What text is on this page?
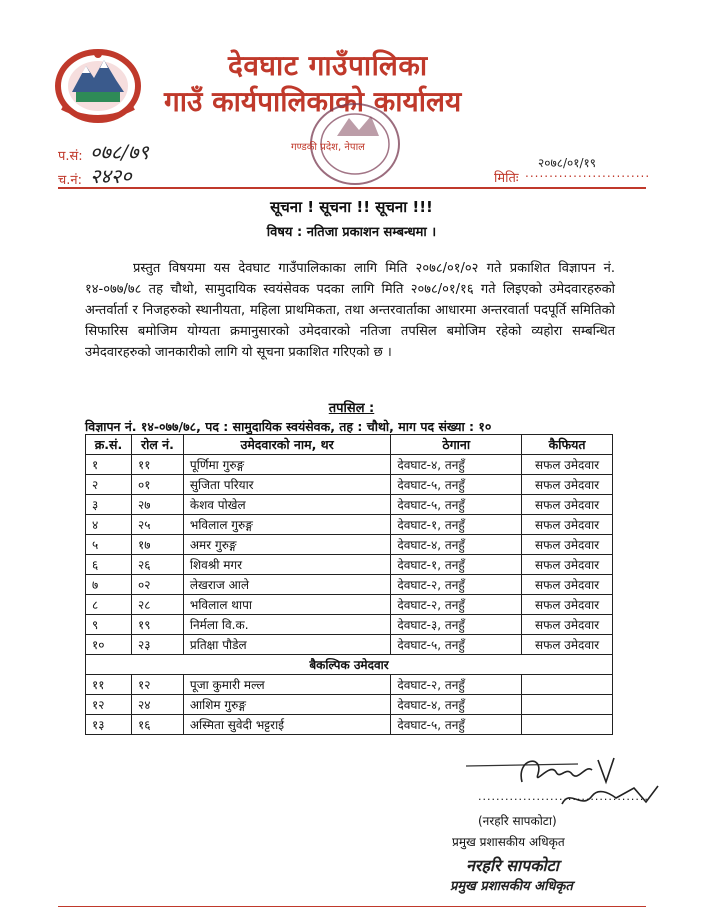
देवघाट गाउँपालिका
गाउँ कार्यपालिकाको कार्यालय
गण्डकी प्रदेश, नेपाल
प.सं: ०७८/७९
च.नं: २४२०
२०७८/०१/१९
मितिः ..........................
सूचना ! सूचना !! सूचना !!!
विषय : नतिजा प्रकाशन सम्बन्धमा ।

प्रस्तुत विषयमा यस देवघाट गाउँपालिकाका लागि मिति २०७८/०१/०२ गते प्रकाशित विज्ञापन नं. १४-०७७/७८ तह चौथो, सामुदायिक स्वयंसेवक पदका लागि मिति २०७८/०१/१६ गते लिइएको उमेदवारहरुको अन्तर्वार्ता र निजहरुको स्थानीयता, महिला प्राथमिकता, तथा अन्तरवार्ताका आधारमा अन्तरवार्ता पदपूर्ति समितिको सिफारिस बमोजिम योग्यता क्रमानुसारको उमेदवारको नतिजा तपसिल बमोजिम रहेको व्यहोरा सम्बन्धित उमेदवारहरुको जानकारीको लागि यो सूचना प्रकाशित गरिएको छ ।

तपसिल :
विज्ञापन नं. १४-०७७/७८, पद : सामुदायिक स्वयंसेवक, तह : चौथो, माग पद संख्या : १०
क्र.सं.	रोल नं.	उमेदवारको नाम, थर	ठेगाना	कैफियत
१	११	पूर्णिमा गुरुङ्ग	देवघाट-४, तनहुँ	सफल उमेदवार
२	०१	सुजिता परियार	देवघाट-५, तनहुँ	सफल उमेदवार
३	२७	केशव पोखेल	देवघाट-५, तनहुँ	सफल उमेदवार
४	२५	भविलाल गुरुङ्ग	देवघाट-१, तनहुँ	सफल उमेदवार
५	१७	अमर गुरुङ्ग	देवघाट-४, तनहुँ	सफल उमेदवार
६	२६	शिवश्री मगर	देवघाट-१, तनहुँ	सफल उमेदवार
७	०२	लेखराज आले	देवघाट-२, तनहुँ	सफल उमेदवार
८	२८	भविलाल थापा	देवघाट-२, तनहुँ	सफल उमेदवार
९	१९	निर्मला वि.क.	देवघाट-३, तनहुँ	सफल उमेदवार
१०	२३	प्रतिक्षा पौडेल	देवघाट-५, तनहुँ	सफल उमेदवार
बैकल्पिक उमेदवार				
११	१२	पूजा कुमारी मल्ल	देवघाट-२, तनहुँ	
१२	२४	आशिम गुरुङ्ग	देवघाट-४, तनहुँ	
१३	१६	अस्मिता सुवेदी भट्टराई	देवघाट-५, तनहुँ	
......................................
(नरहरि सापकोटा)
प्रमुख प्रशासकीय अधिकृत
नरहरि सापकोटा
प्रमुख प्रशासकीय अधिकृत
